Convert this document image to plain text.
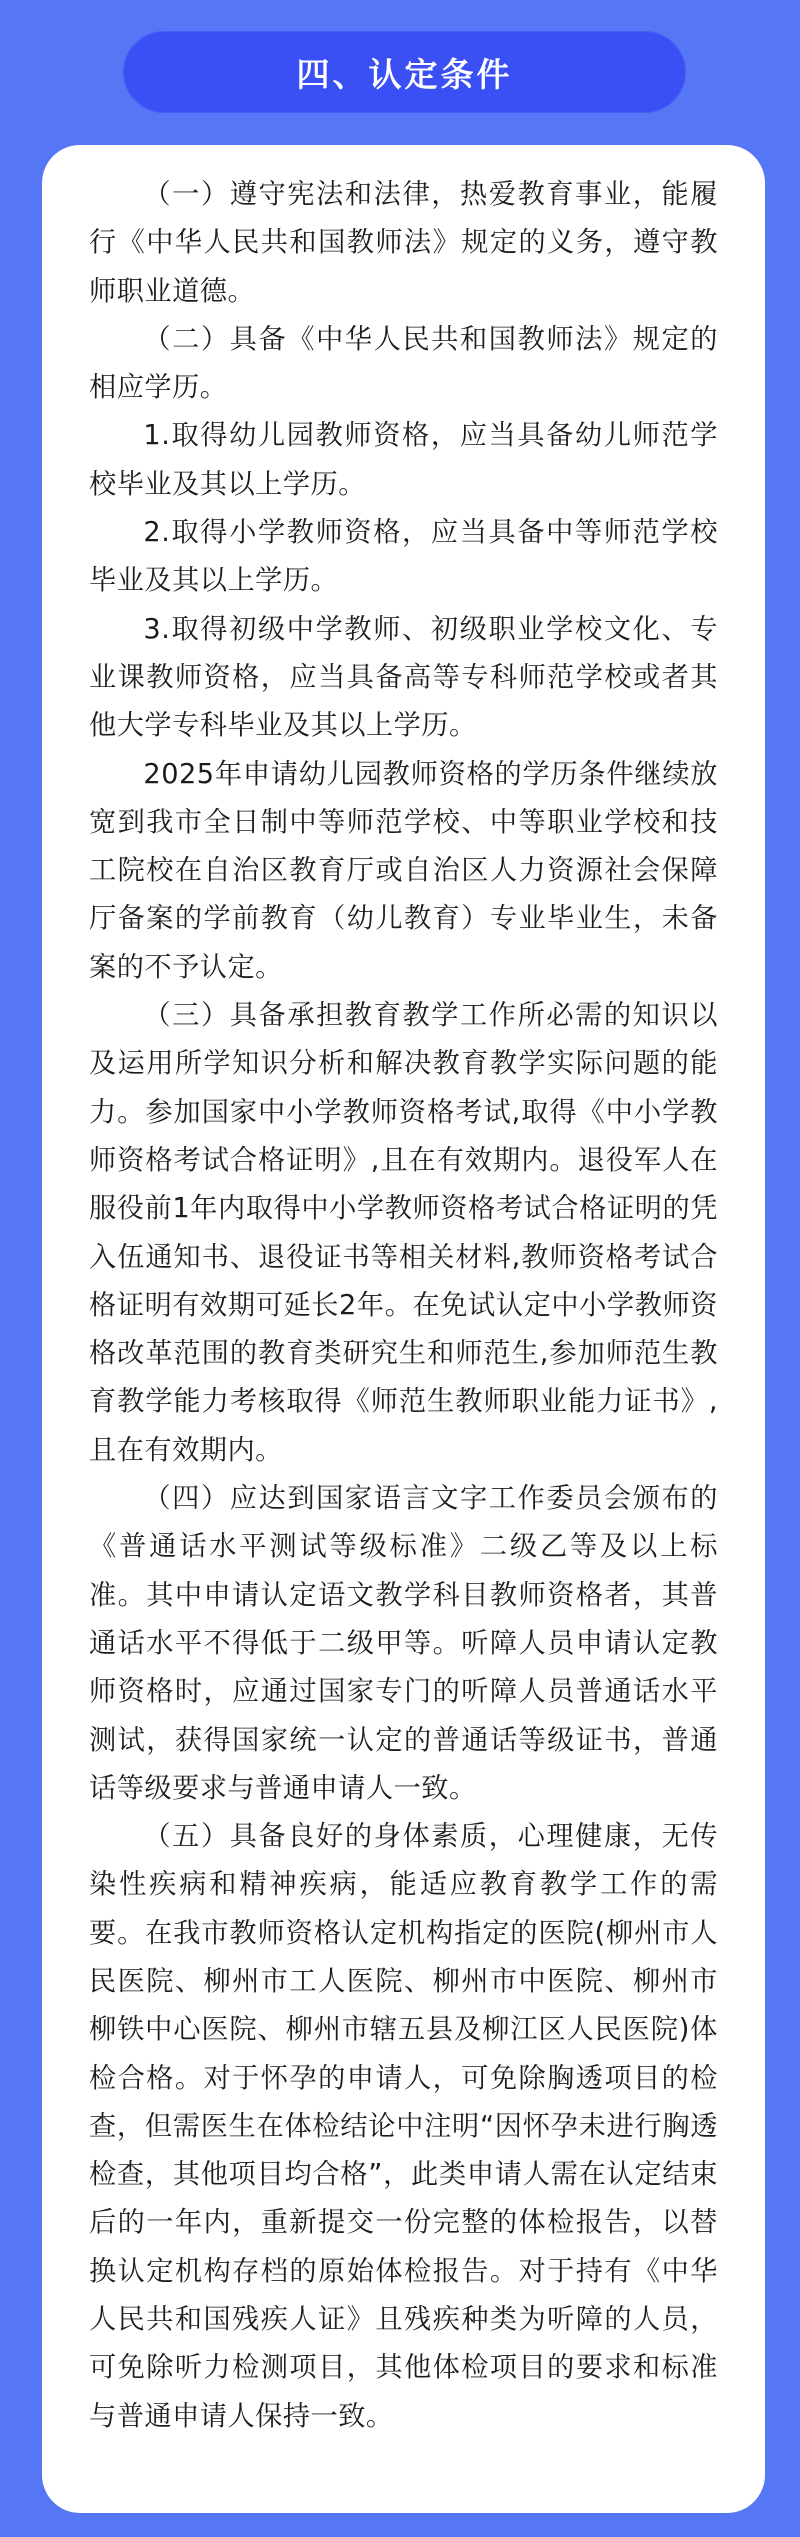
四、认定条件

（一）遵守宪法和法律，热爱教育事业，能履行《中华人民共和国教师法》规定的义务，遵守教师职业道德。

（二）具备《中华人民共和国教师法》规定的相应学历。

1.取得幼儿园教师资格，应当具备幼儿师范学校毕业及其以上学历。

2.取得小学教师资格，应当具备中等师范学校毕业及其以上学历。

3.取得初级中学教师、初级职业学校文化、专业课教师资格，应当具备高等专科师范学校或者其他大学专科毕业及其以上学历。

2025年申请幼儿园教师资格的学历条件继续放宽到我市全日制中等师范学校、中等职业学校和技工院校在自治区教育厅或自治区人力资源社会保障厅备案的学前教育（幼儿教育）专业毕业生，未备案的不予认定。

（三）具备承担教育教学工作所必需的知识以及运用所学知识分析和解决教育教学实际问题的能力。参加国家中小学教师资格考试,取得《中小学教师资格考试合格证明》,且在有效期内。退役军人在服役前1年内取得中小学教师资格考试合格证明的凭入伍通知书、退役证书等相关材料,教师资格考试合格证明有效期可延长2年。在免试认定中小学教师资格改革范围的教育类研究生和师范生,参加师范生教育教学能力考核取得《师范生教师职业能力证书》,且在有效期内。

（四）应达到国家语言文字工作委员会颁布的《普通话水平测试等级标准》二级乙等及以上标准。其中申请认定语文教学科目教师资格者，其普通话水平不得低于二级甲等。听障人员申请认定教师资格时，应通过国家专门的听障人员普通话水平测试，获得国家统一认定的普通话等级证书，普通话等级要求与普通申请人一致。

（五）具备良好的身体素质，心理健康，无传染性疾病和精神疾病，能适应教育教学工作的需要。在我市教师资格认定机构指定的医院(柳州市人民医院、柳州市工人医院、柳州市中医院、柳州市柳铁中心医院、柳州市辖五县及柳江区人民医院)体检合格。对于怀孕的申请人，可免除胸透项目的检查，但需医生在体检结论中注明“因怀孕未进行胸透检查，其他项目均合格”，此类申请人需在认定结束后的一年内，重新提交一份完整的体检报告，以替换认定机构存档的原始体检报告。对于持有《中华人民共和国残疾人证》且残疾种类为听障的人员，可免除听力检测项目，其他体检项目的要求和标准与普通申请人保持一致。
